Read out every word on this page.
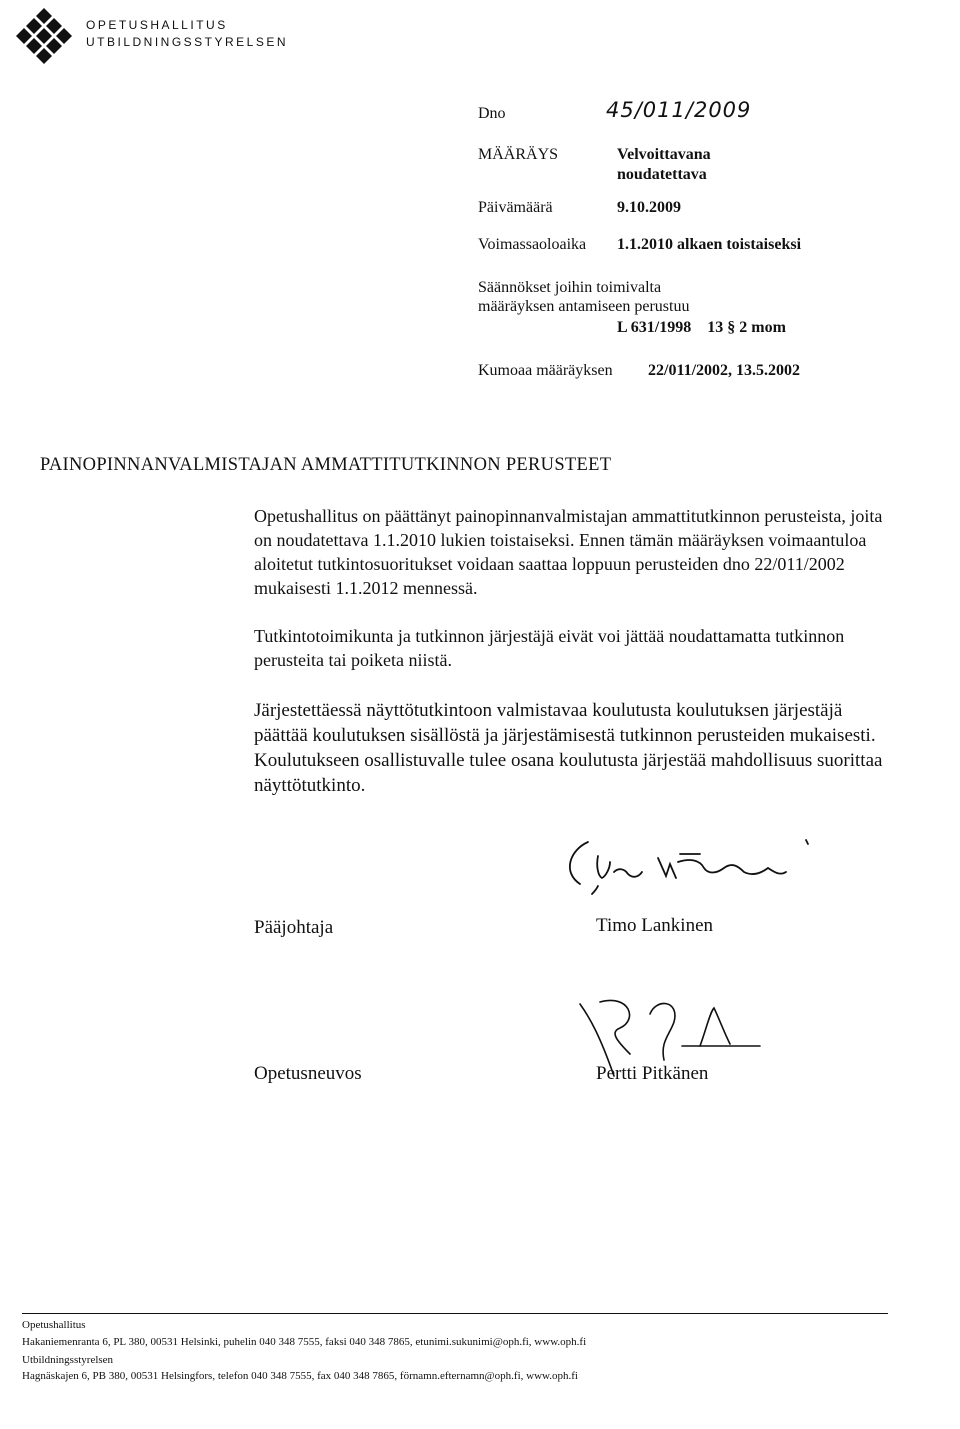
OPETUSHALLITUS
UTBILDNINGSSTYRELSEN
Dno	45/011/2009
MÄÄRÄYS	Velvoittavana
noudatettava
Päivämäärä	9.10.2009
Voimassaoloaika 1.1.2010 alkaen toistaiseksi
Säännökset joihin toimivalta
määräyksen antamiseen perustuu
L 631/1998    13 § 2 mom
Kumoaa määräyksen 22/011/2002, 13.5.2002
PAINOPINNANVALMISTAJAN AMMATTITUTKINNON PERUSTEET
Opetushallitus on päättänyt painopinnanvalmistajan ammattitutkinnon perusteista, joita on noudatettava 1.1.2010 lukien toistaiseksi. Ennen tämän määräyksen voimaantuloa aloitetut tutkintosuoritukset voidaan saattaa loppuun perusteiden dno 22/011/2002 mukaisesti 1.1.2012 mennessä.
Tutkintotoimikunta ja tutkinnon järjestäjä eivät voi jättää noudattamatta tutkinnon perusteita tai poiketa niistä.
Järjestettäessä näyttötutkintoon valmistavaa koulutusta koulutuksen järjestäjä päättää koulutuksen sisällöstä ja järjestämisestä tutkinnon perusteiden mukaisesti. Koulutukseen osallistuvalle tulee osana koulutusta järjestää mahdollisuus suorittaa näyttötutkinto.
Pääjohtaja	Timo Lankinen
Opetusneuvos	Pertti Pitkänen
Opetushallitus
Hakaniemenranta 6, PL 380, 00531 Helsinki, puhelin 040 348 7555, faksi 040 348 7865, etunimi.sukunimi@oph.fi, www.oph.fi
Utbildningsstyrelsen
Hagnäskajen 6, PB 380, 00531 Helsingfors, telefon 040 348 7555, fax 040 348 7865, förnamn.efternamn@oph.fi, www.oph.fi
